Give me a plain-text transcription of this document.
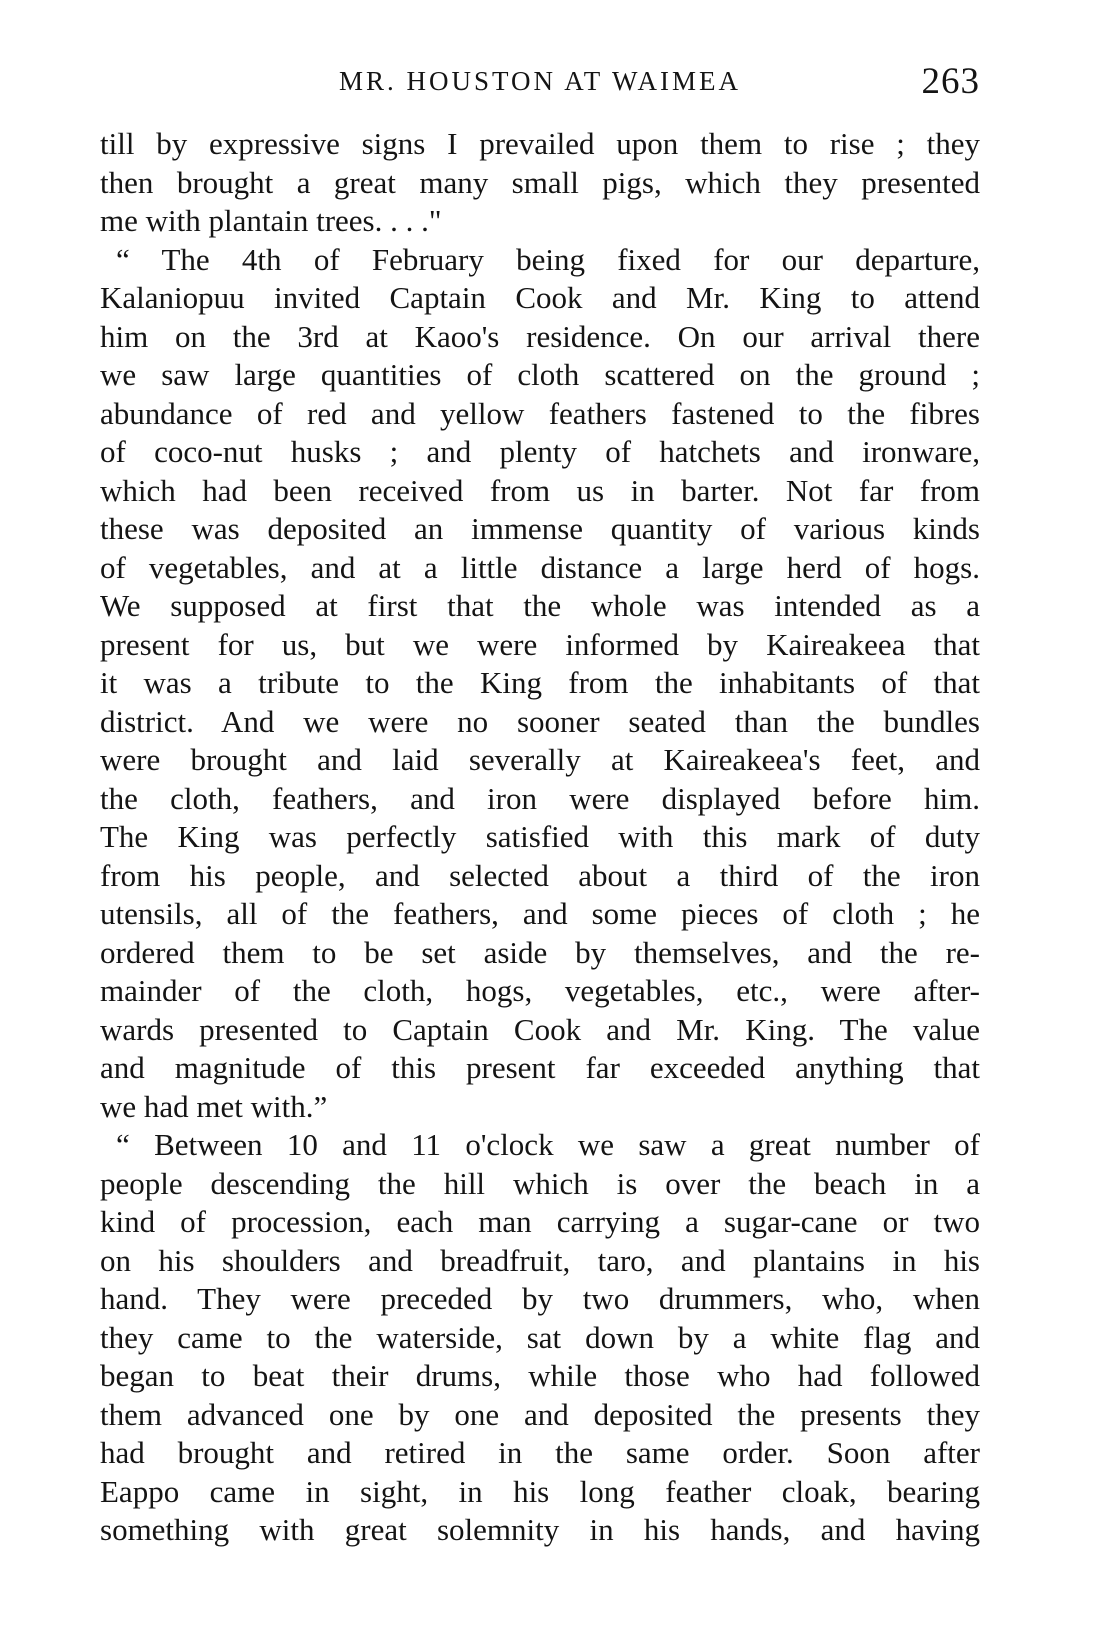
MR. HOUSTON AT WAIMEA	263
till by expressive signs I prevailed upon them to rise ; they
then brought a great many small pigs, which they presented
me with plantain trees. . . ."
“ The 4th of February being fixed for our departure,
Kalaniopuu invited Captain Cook and Mr. King to attend
him on the 3rd at Kaoo's residence. On our arrival there
we saw large quantities of cloth scattered on the ground ;
abundance of red and yellow feathers fastened to the fibres
of coco-nut husks ; and plenty of hatchets and ironware,
which had been received from us in barter. Not far from
these was deposited an immense quantity of various kinds
of vegetables, and at a little distance a large herd of hogs.
We supposed at first that the whole was intended as a
present for us, but we were informed by Kaireakeea that
it was a tribute to the King from the inhabitants of that
district. And we were no sooner seated than the bundles
were brought and laid severally at Kaireakeea's feet, and
the cloth, feathers, and iron were displayed before him.
The King was perfectly satisfied with this mark of duty
from his people, and selected about a third of the iron
utensils, all of the feathers, and some pieces of cloth ; he
ordered them to be set aside by themselves, and the re-
mainder of the cloth, hogs, vegetables, etc., were after-
wards presented to Captain Cook and Mr. King. The value
and magnitude of this present far exceeded anything that
we had met with.”
“ Between 10 and 11 o'clock we saw a great number of
people descending the hill which is over the beach in a
kind of procession, each man carrying a sugar-cane or two
on his shoulders and breadfruit, taro, and plantains in his
hand. They were preceded by two drummers, who, when
they came to the waterside, sat down by a white flag and
began to beat their drums, while those who had followed
them advanced one by one and deposited the presents they
had brought and retired in the same order. Soon after
Eappo came in sight, in his long feather cloak, bearing
something with great solemnity in his hands, and having
